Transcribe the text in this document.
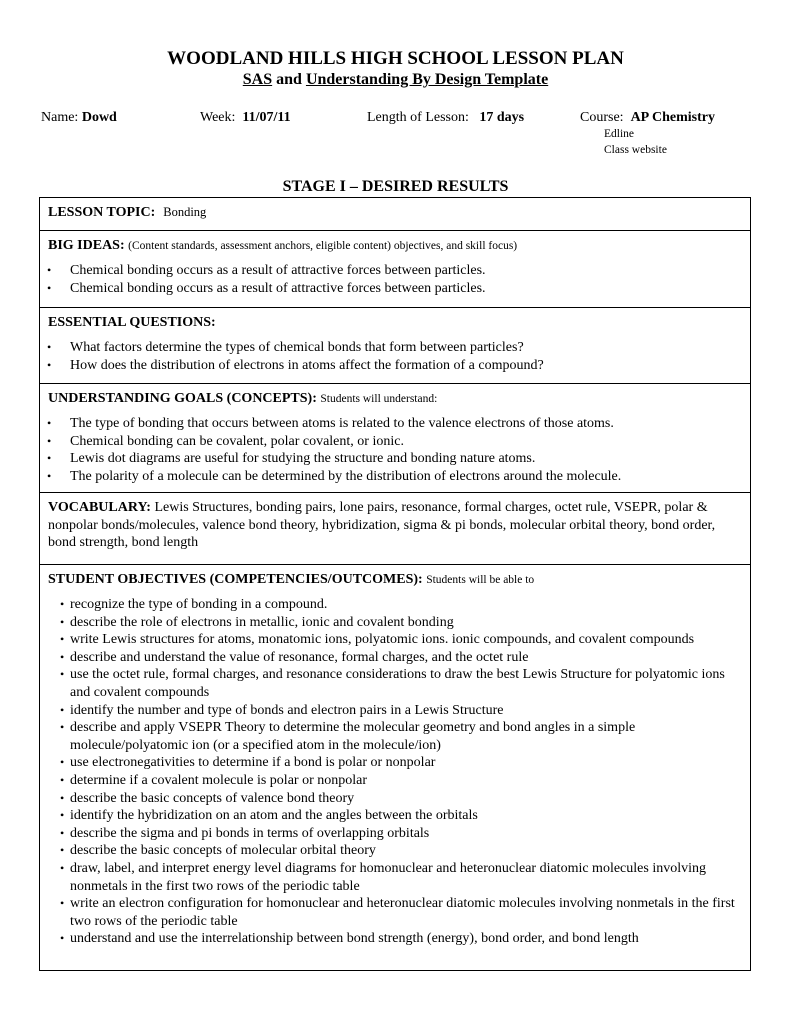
WOODLAND HILLS HIGH SCHOOL LESSON PLAN
SAS and Understanding By Design Template
Name: Dowd	Week: 11/07/11	Length of Lesson: 17 days	Course: AP Chemistry
Edline
Class website
STAGE I – DESIRED RESULTS
LESSON TOPIC: Bonding
BIG IDEAS: (Content standards, assessment anchors, eligible content) objectives, and skill focus)
• Chemical bonding occurs as a result of attractive forces between particles.
• Chemical bonding occurs as a result of attractive forces between particles.
ESSENTIAL QUESTIONS:
• What factors determine the types of chemical bonds that form between particles?
• How does the distribution of electrons in atoms affect the formation of a compound?
UNDERSTANDING GOALS (CONCEPTS): Students will understand:
• The type of bonding that occurs between atoms is related to the valence electrons of those atoms.
• Chemical bonding can be covalent, polar covalent, or ionic.
• Lewis dot diagrams are useful for studying the structure and bonding nature atoms.
• The polarity of a molecule can be determined by the distribution of electrons around the molecule.
VOCABULARY: Lewis Structures, bonding pairs, lone pairs, resonance, formal charges, octet rule, VSEPR, polar & nonpolar bonds/molecules, valence bond theory, hybridization, sigma & pi bonds, molecular orbital theory, bond order, bond strength, bond length
STUDENT OBJECTIVES (COMPETENCIES/OUTCOMES): Students will be able to
• recognize the type of bonding in a compound.
• describe the role of electrons in metallic, ionic and covalent bonding
• write Lewis structures for atoms, monatomic ions, polyatomic ions. ionic compounds, and covalent compounds
• describe and understand the value of resonance, formal charges, and the octet rule
• use the octet rule, formal charges, and resonance considerations to draw the best Lewis Structure for polyatomic ions and covalent compounds
• identify the number and type of bonds and electron pairs in a Lewis Structure
• describe and apply VSEPR Theory to determine the molecular geometry and bond angles in a simple molecule/polyatomic ion (or a specified atom in the molecule/ion)
• use electronegativities to determine if a bond is polar or nonpolar
• determine if a covalent molecule is polar or nonpolar
• describe the basic concepts of valence bond theory
• identify the hybridization on an atom and the angles between the orbitals
• describe the sigma and pi bonds in terms of overlapping orbitals
• describe the basic concepts of molecular orbital theory
• draw, label, and interpret energy level diagrams for homonuclear and heteronuclear diatomic molecules involving nonmetals in the first two rows of the periodic table
• write an electron configuration for homonuclear and heteronuclear diatomic molecules involving nonmetals in the first two rows of the periodic table
• understand and use the interrelationship between bond strength (energy), bond order, and bond length
